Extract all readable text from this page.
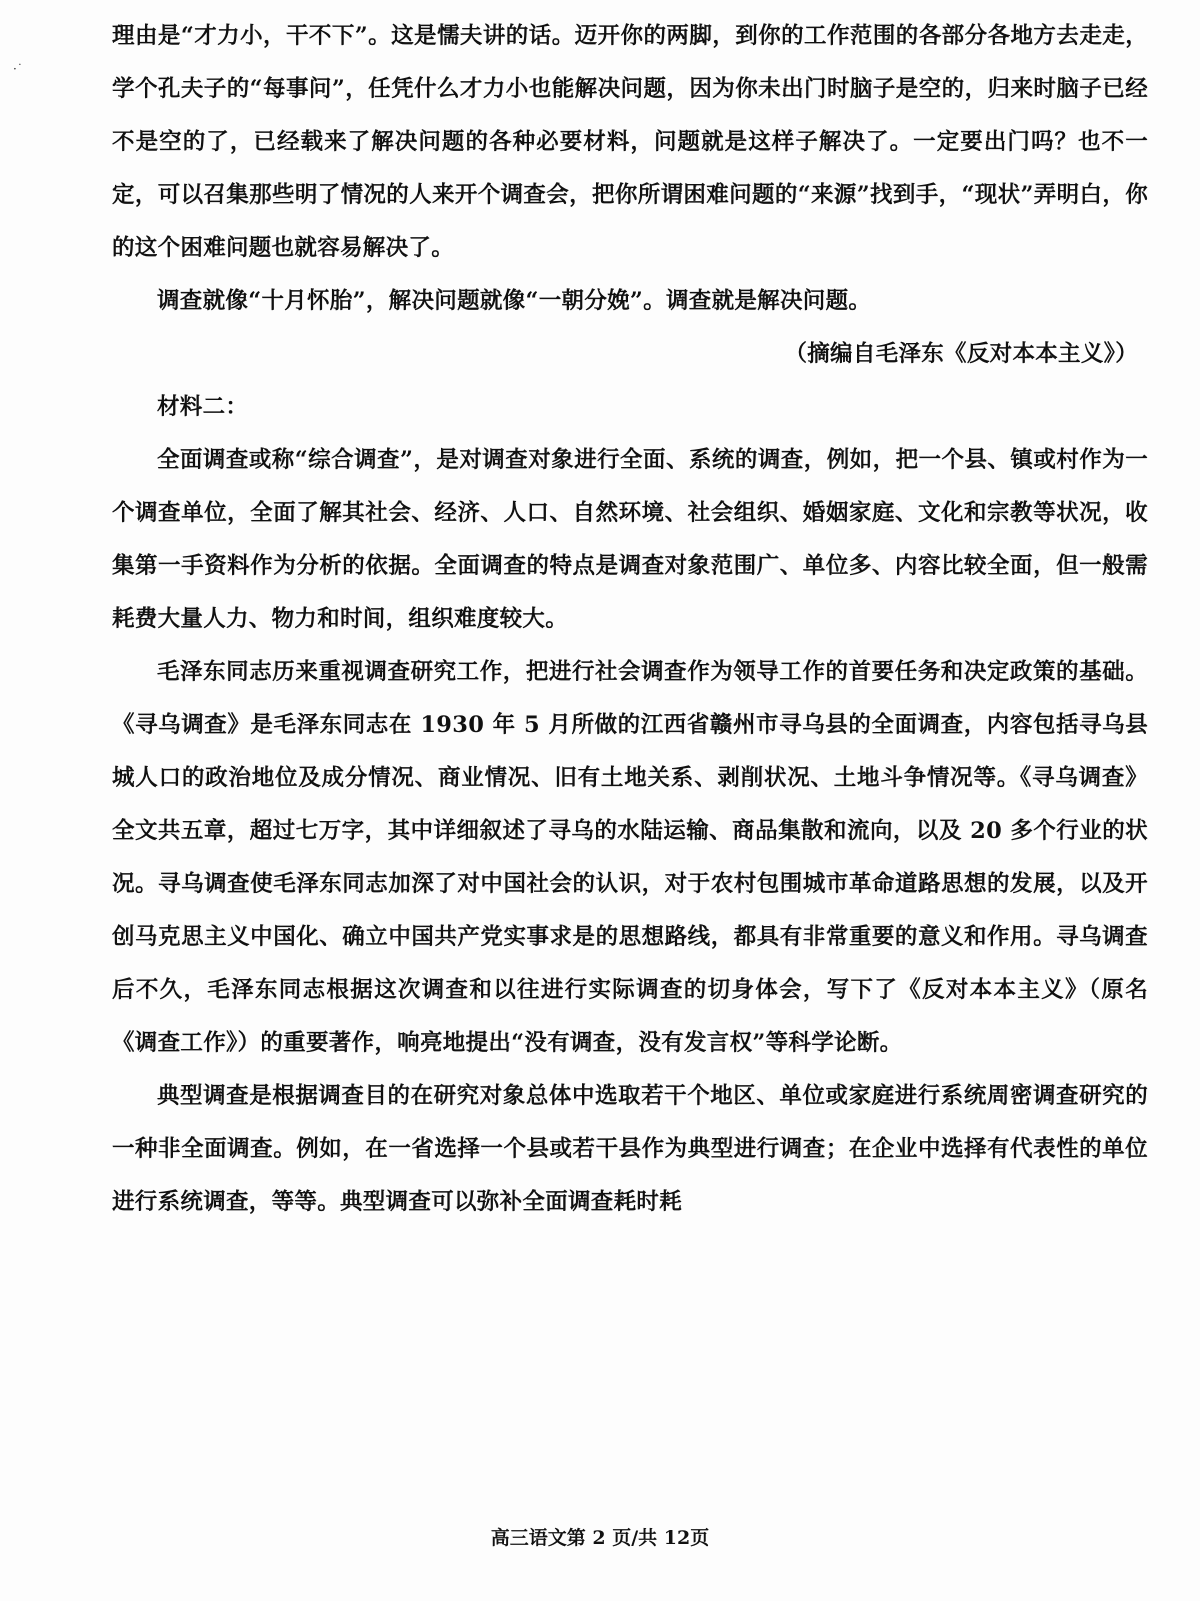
·˙

理由是“才力小，干不下”。这是懦夫讲的话。迈开你的两脚，到你的工作范围的各部分各地方去走走，学个孔夫子的“每事问”，任凭什么才力小也能解决问题，因为你未出门时脑子是空的，归来时脑子已经不是空的了，已经载来了解决问题的各种必要材料，问题就是这样子解决了。一定要出门吗？也不一定，可以召集那些明了情况的人来开个调查会，把你所谓困难问题的“来源”找到手，“现状”弄明白，你的这个困难问题也就容易解决了。

调查就像“十月怀胎”，解决问题就像“一朝分娩”。调查就是解决问题。

（摘编自毛泽东《反对本本主义》）

材料二：

全面调查或称“综合调查”，是对调查对象进行全面、系统的调查，例如，把一个县、镇或村作为一个调查单位，全面了解其社会、经济、人口、自然环境、社会组织、婚姻家庭、文化和宗教等状况，收集第一手资料作为分析的依据。全面调查的特点是调查对象范围广、单位多、内容比较全面，但一般需耗费大量人力、物力和时间，组织难度较大。

毛泽东同志历来重视调查研究工作，把进行社会调查作为领导工作的首要任务和决定政策的基础。《寻乌调查》是毛泽东同志在 1930 年 5 月所做的江西省赣州市寻乌县的全面调查，内容包括寻乌县城人口的政治地位及成分情况、商业情况、旧有土地关系、剥削状况、土地斗争情况等。《寻乌调查》全文共五章，超过七万字，其中详细叙述了寻乌的水陆运输、商品集散和流向，以及 20 多个行业的状况。寻乌调查使毛泽东同志加深了对中国社会的认识，对于农村包围城市革命道路思想的发展，以及开创马克思主义中国化、确立中国共产党实事求是的思想路线，都具有非常重要的意义和作用。寻乌调查后不久，毛泽东同志根据这次调查和以往进行实际调查的切身体会，写下了《反对本本主义》（原名《调查工作》）的重要著作，响亮地提出“没有调查，没有发言权”等科学论断。

典型调查是根据调查目的在研究对象总体中选取若干个地区、单位或家庭进行系统周密调查研究的一种非全面调查。例如，在一省选择一个县或若干县作为典型进行调查；在企业中选择有代表性的单位进行系统调查，等等。典型调查可以弥补全面调查耗时耗

高三语文第 2 页/共 12页
